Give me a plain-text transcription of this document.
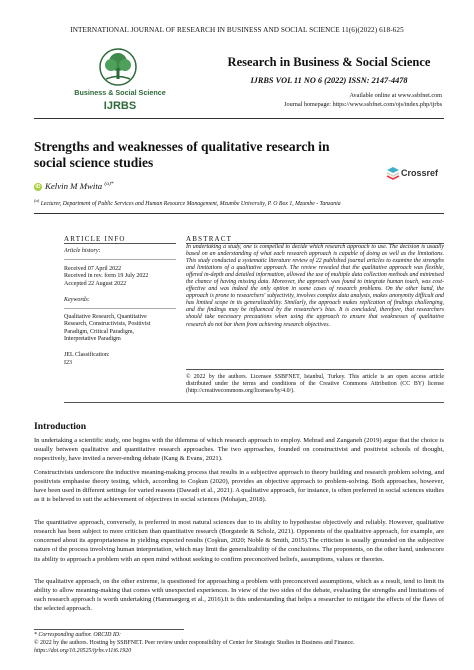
INTERNATIONAL JOURNAL OF RESEARCH IN BUSINESS AND SOCIAL SCIENCE 11(6)(2022) 618-625
Business & Social Science
IJRBS
Research in Business & Social Science
IJRBS VOL 11 NO 6 (2022) ISSN: 2147-4478
Available online at www.ssbfnet.com
Journal homepage: https://www.ssbfnet.com/ojs/index.php/ijrbs
Strengths and weaknesses of qualitative research in social science studies
Crossref
iD Kelvin M Mwita $^{(a)*}$
$^{(a)}$ Lecturer, Department of Public Services and Human Resource Management, Mzumbe University, P. O Box 1, Mzumbe - Tanzania
ARTICLE INFO	ABSTRACT
Article history:
Received 07 April 2022
Received in rev. form 19 July 2022
Accepted 22 August 2022
Keywords:
Qualitative Research, Quantitative
Research, Constructivists, Positivist
Paradigm, Critical Paradigm,
Interpretative Paradigm
JEL Classification:
I23
In undertaking a study, one is compelled to decide which research approach to use. The decision is usually based on an understanding of what each research approach is capable of doing as well as the limitations. This study conducted a systematic literature review of 22 published journal articles to examine the strengths and limitations of a qualitative approach. The review revealed that the qualitative approach was flexible, offered in-depth and detailed information, allowed the use of multiple data collection methods and minimised the chance of having missing data. Moreover, the approach was found to integrate human touch, was cost-effective and was indeed the only option in some cases of research problems. On the other hand, the approach is prone to researchers' subjectivity, involves complex data analysis, makes anonymity difficult and has limited scope in its generalizability. Similarly, the approach makes replication of findings challenging, and the findings may be influenced by the researcher's bias. It is concluded, therefore, that researchers should take necessary precautions when using the approach to ensure that weaknesses of qualitative research do not bar them from achieving research objectives.
© 2022 by the authors. Licensee SSBFNET, Istanbul, Turkey. This article is an open access article distributed under the terms and conditions of the Creative Commons Attribution (CC BY) license (http://creativecommons.org/licenses/by/4.0/).
Introduction
In undertaking a scientific study, one begins with the dilemma of which research approach to employ. Mehrad and Zanganeh (2019) argue that the choice is usually between qualitative and quantitative research approaches. The two approaches, founded on constructivist and positivist schools of thought, respectively, have invited a never-ending debate (Kang & Evans, 2021).
Constructivists underscore the inductive meaning-making process that results in a subjective approach to theory building and research problem solving, and positivists emphasise theory testing, which, according to Coşkun (2020), provides an objective approach to problem-solving. Both approaches, however, have been used in different settings for varied reasons (Dawadi et al., 2021). A qualitative approach, for instance, is often preferred in social sciences studies as it is believed to suit the achievement of objectives in social sciences (Mohajan, 2018).
The quantitative approach, conversely, is preferred in most natural sciences due to its ability to hypothesise objectively and reliably. However, qualitative research has been subject to more criticism than quantitative research (Borgstede & Scholz, 2021). Opponents of the qualitative approach, for example, are concerned about its appropriateness in yielding expected results (Coşkun, 2020; Noble & Smith, 2015).The criticism is usually grounded on the subjective nature of the process involving human interpretation, which may limit the generalizability of the conclusions. The proponents, on the other hand, underscore its ability to approach a problem with an open mind without seeking to confirm preconceived beliefs, assumptions, values or theories.
The qualitative approach, on the other extreme, is questioned for approaching a problem with preconceived assumptions, which as a result, tend to limit its ability to allow meaning-making that comes with unexpected experiences. In view of the two sides of the debate, evaluating the strengths and limitations of each research approach is worth undertaking (Hammargerg et al., 2016).It is this understanding that helps a researcher to mitigate the effects of the flaws of the selected approach.
* Corresponding author. ORCID ID:
© 2022 by the authors. Hosting by SSBFNET. Peer review under responsibility of Center for Strategic Studies in Business and Finance.
https://doi.org/10.20525/ijrbs.v11i6.1920
